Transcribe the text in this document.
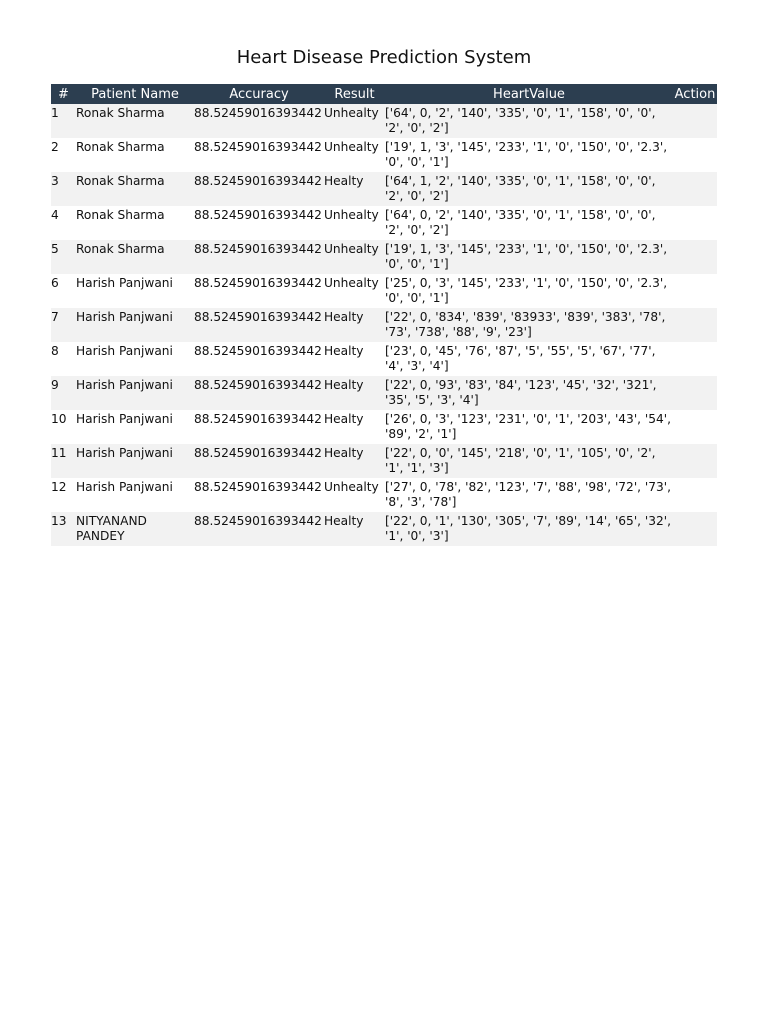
Heart Disease Prediction System
#	Patient Name	Accuracy	Result	HeartValue	Action
1	Ronak Sharma	88.52459016393442	Unhealty	['64', 0, '2', '140', '335', '0', '1', '158', '0', '0', '2', '0', '2']	
2	Ronak Sharma	88.52459016393442	Unhealty	['19', 1, '3', '145', '233', '1', '0', '150', '0', '2.3', '0', '0', '1']	
3	Ronak Sharma	88.52459016393442	Healty	['64', 1, '2', '140', '335', '0', '1', '158', '0', '0', '2', '0', '2']	
4	Ronak Sharma	88.52459016393442	Unhealty	['64', 0, '2', '140', '335', '0', '1', '158', '0', '0', '2', '0', '2']	
5	Ronak Sharma	88.52459016393442	Unhealty	['19', 1, '3', '145', '233', '1', '0', '150', '0', '2.3', '0', '0', '1']	
6	Harish Panjwani	88.52459016393442	Unhealty	['25', 0, '3', '145', '233', '1', '0', '150', '0', '2.3', '0', '0', '1']	
7	Harish Panjwani	88.52459016393442	Healty	['22', 0, '834', '839', '83933', '839', '383', '78', '73', '738', '88', '9', '23']	
8	Harish Panjwani	88.52459016393442	Healty	['23', 0, '45', '76', '87', '5', '55', '5', '67', '77', '4', '3', '4']	
9	Harish Panjwani	88.52459016393442	Healty	['22', 0, '93', '83', '84', '123', '45', '32', '321', '35', '5', '3', '4']	
10	Harish Panjwani	88.52459016393442	Healty	['26', 0, '3', '123', '231', '0', '1', '203', '43', '54', '89', '2', '1']	
11	Harish Panjwani	88.52459016393442	Healty	['22', 0, '0', '145', '218', '0', '1', '105', '0', '2', '1', '1', '3']	
12	Harish Panjwani	88.52459016393442	Unhealty	['27', 0, '78', '82', '123', '7', '88', '98', '72', '73', '8', '3', '78']	
13	NITYANAND PANDEY	88.52459016393442	Healty	['22', 0, '1', '130', '305', '7', '89', '14', '65', '32', '1', '0', '3']	
